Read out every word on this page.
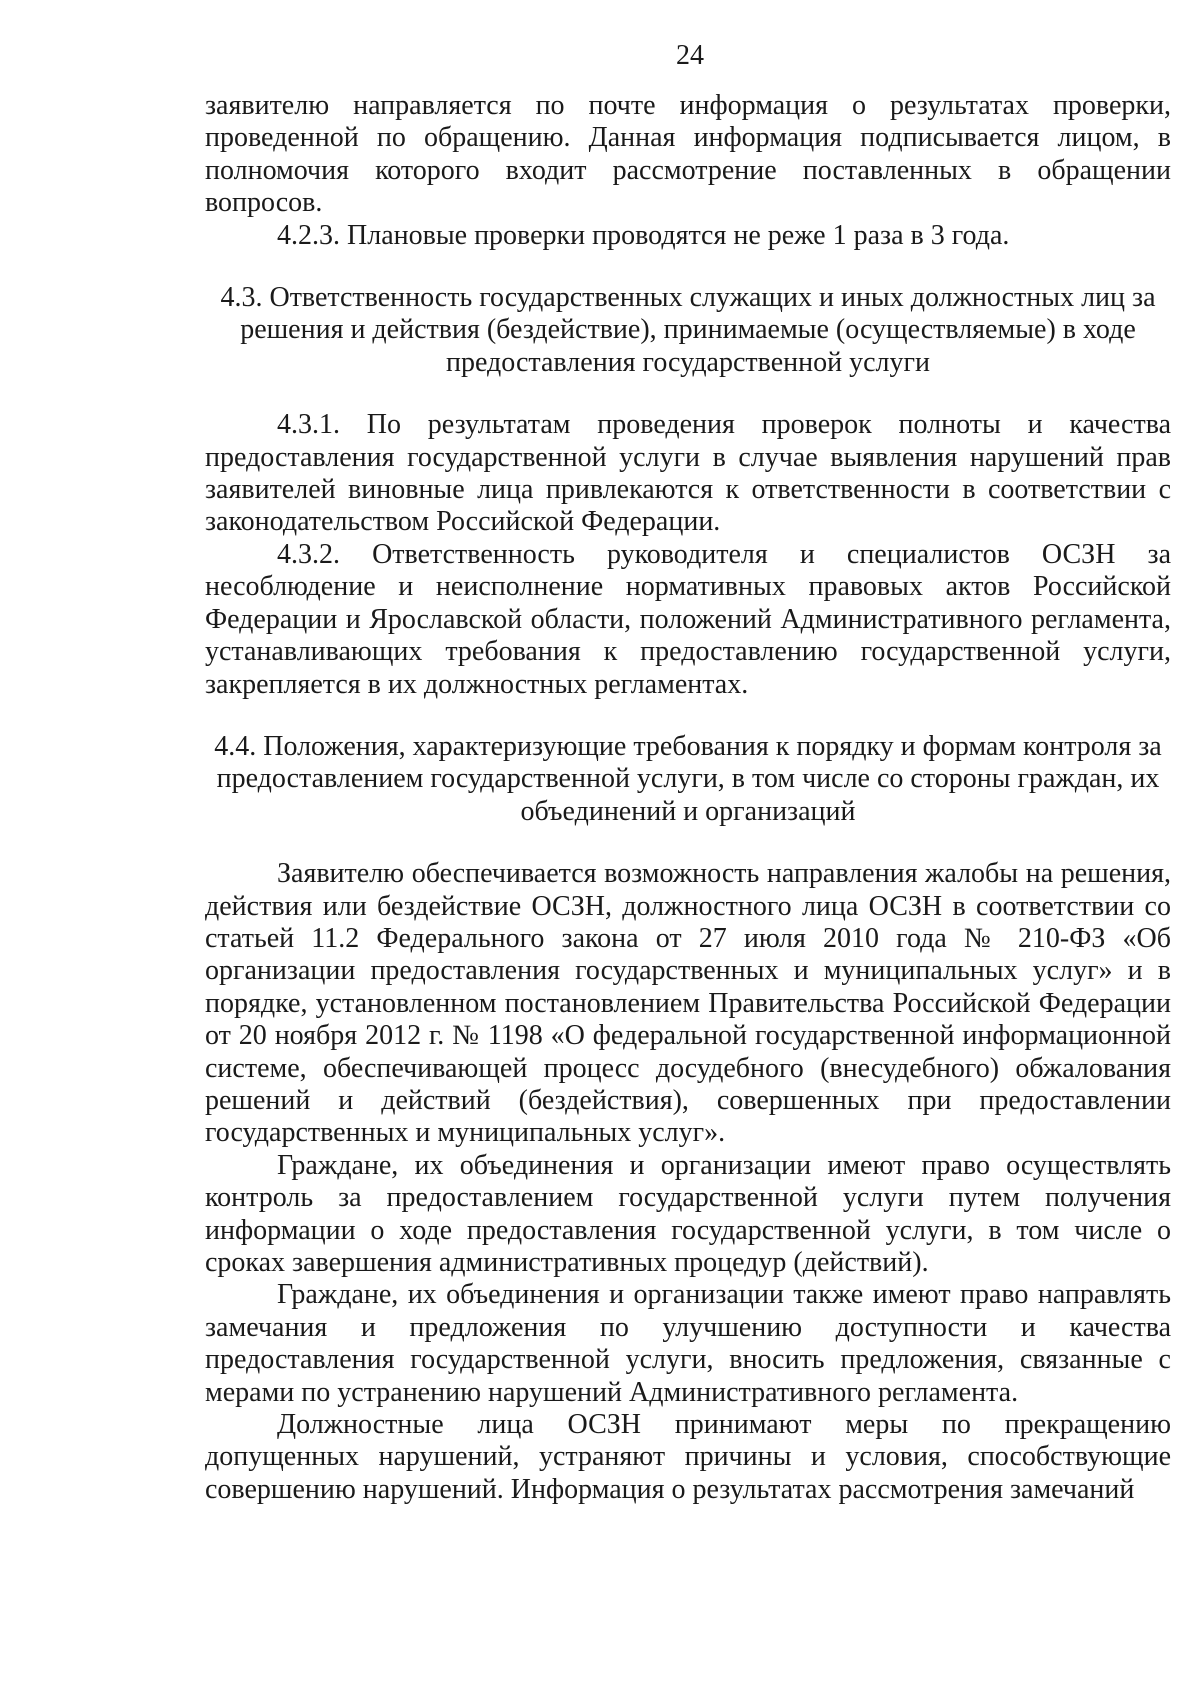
24

заявителю направляется по почте информация о результатах проверки, проведенной по обращению. Данная информация подписывается лицом, в полномочия которого входит рассмотрение поставленных в обращении вопросов.

4.2.3. Плановые проверки проводятся не реже 1 раза в 3 года.

4.3. Ответственность государственных служащих и иных должностных лиц за решения и действия (бездействие), принимаемые (осуществляемые) в ходе предоставления государственной услуги

4.3.1. По результатам проведения проверок полноты и качества предоставления государственной услуги в случае выявления нарушений прав заявителей виновные лица привлекаются к ответственности в соответствии с законодательством Российской Федерации.

4.3.2. Ответственность руководителя и специалистов ОСЗН за несоблюдение и неисполнение нормативных правовых актов Российской Федерации и Ярославской области, положений Административного регламента, устанавливающих требования к предоставлению государственной услуги, закрепляется в их должностных регламентах.

4.4. Положения, характеризующие требования к порядку и формам контроля за предоставлением государственной услуги, в том числе со стороны граждан, их объединений и организаций

Заявителю обеспечивается возможность направления жалобы на решения, действия или бездействие ОСЗН, должностного лица ОСЗН в соответствии со статьей 11.2 Федерального закона от 27 июля 2010 года № 210-ФЗ «Об организации предоставления государственных и муниципальных услуг» и в порядке, установленном постановлением Правительства Российской Федерации от 20 ноября 2012 г. № 1198 «О федеральной государственной информационной системе, обеспечивающей процесс досудебного (внесудебного) обжалования решений и действий (бездействия), совершенных при предоставлении государственных и муниципальных услуг».

Граждане, их объединения и организации имеют право осуществлять контроль за предоставлением государственной услуги путем получения информации о ходе предоставления государственной услуги, в том числе о сроках завершения административных процедур (действий).

Граждане, их объединения и организации также имеют право направлять замечания и предложения по улучшению доступности и качества предоставления государственной услуги, вносить предложения, связанные с мерами по устранению нарушений Административного регламента.

Должностные лица ОСЗН принимают меры по прекращению допущенных нарушений, устраняют причины и условия, способствующие совершению нарушений. Информация о результатах рассмотрения замечаний
